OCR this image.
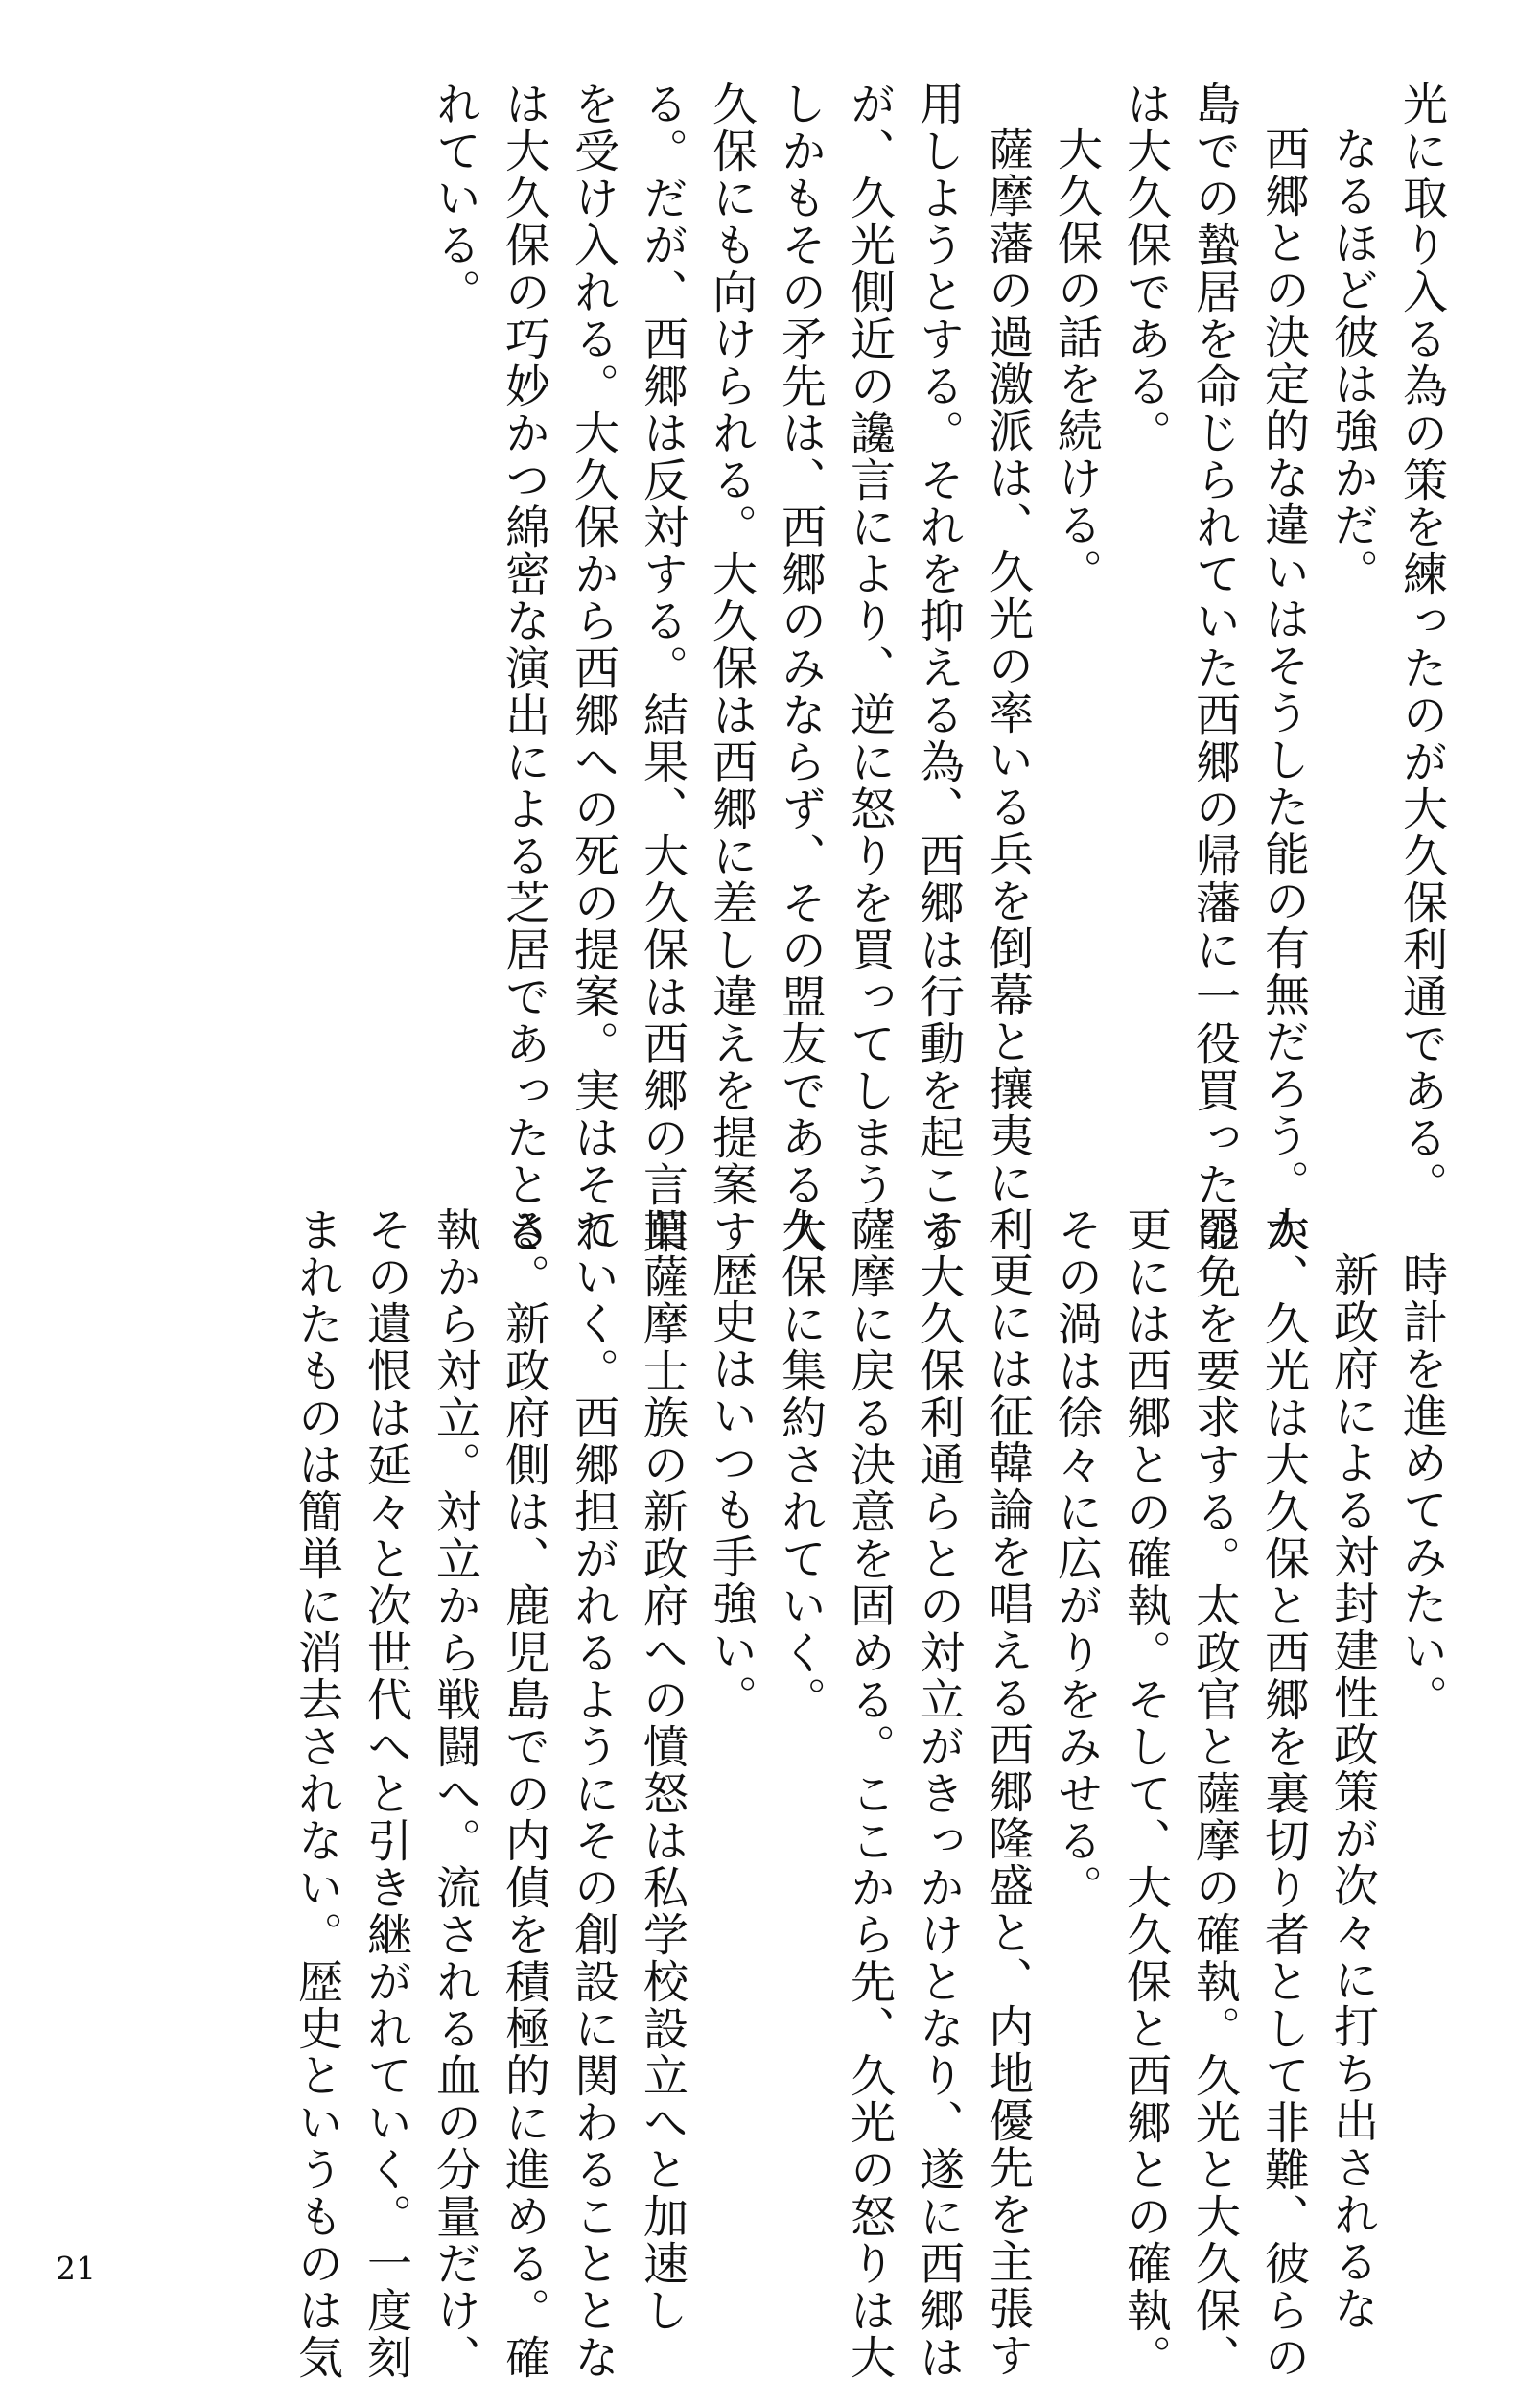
光に取り入る為の策を練ったのが大久保利通である。

なるほど彼は強かだ。

西郷との決定的な違いはそうした能の有無だろう。大

島での蟄居を命じられていた西郷の帰藩に一役買ったの

は大久保である。

大久保の話を続ける。

薩摩藩の過激派は、久光の率いる兵を倒幕と攘夷に利

用しようとする。それを抑える為、西郷は行動を起こす

が、久光側近の讒言により、逆に怒りを買ってしまう。

しかもその矛先は、西郷のみならず、その盟友である大

久保にも向けられる。大久保は西郷に差し違えを提案す

る。だが、西郷は反対する。結果、大久保は西郷の言葉

を受け入れる。大久保から西郷への死の提案。実はそれ

は大久保の巧妙かつ綿密な演出による芝居であったとさ

れている。

時計を進めてみたい。

新政府による対封建性政策が次々に打ち出されるな

か、久光は大久保と西郷を裏切り者として非難、彼らの

罷免を要求する。太政官と薩摩の確執。久光と大久保、

更には西郷との確執。そして、大久保と西郷との確執。

その渦は徐々に広がりをみせる。

更には征韓論を唱える西郷隆盛と、内地優先を主張す

る大久保利通らとの対立がきっかけとなり、遂に西郷は

薩摩に戻る決意を固める。ここから先、久光の怒りは大

久保に集約されていく。

歴史はいつも手強い。

旧薩摩士族の新政府への憤怒は私学校設立へと加速し

ていく。西郷担がれるようにその創設に関わることとな

る。新政府側は、鹿児島での内偵を積極的に進める。確

執から対立。対立から戦闘へ。流される血の分量だけ、

その遺恨は延々と次世代へと引き継がれていく。一度刻

まれたものは簡単に消去されない。歴史というものは気

21
